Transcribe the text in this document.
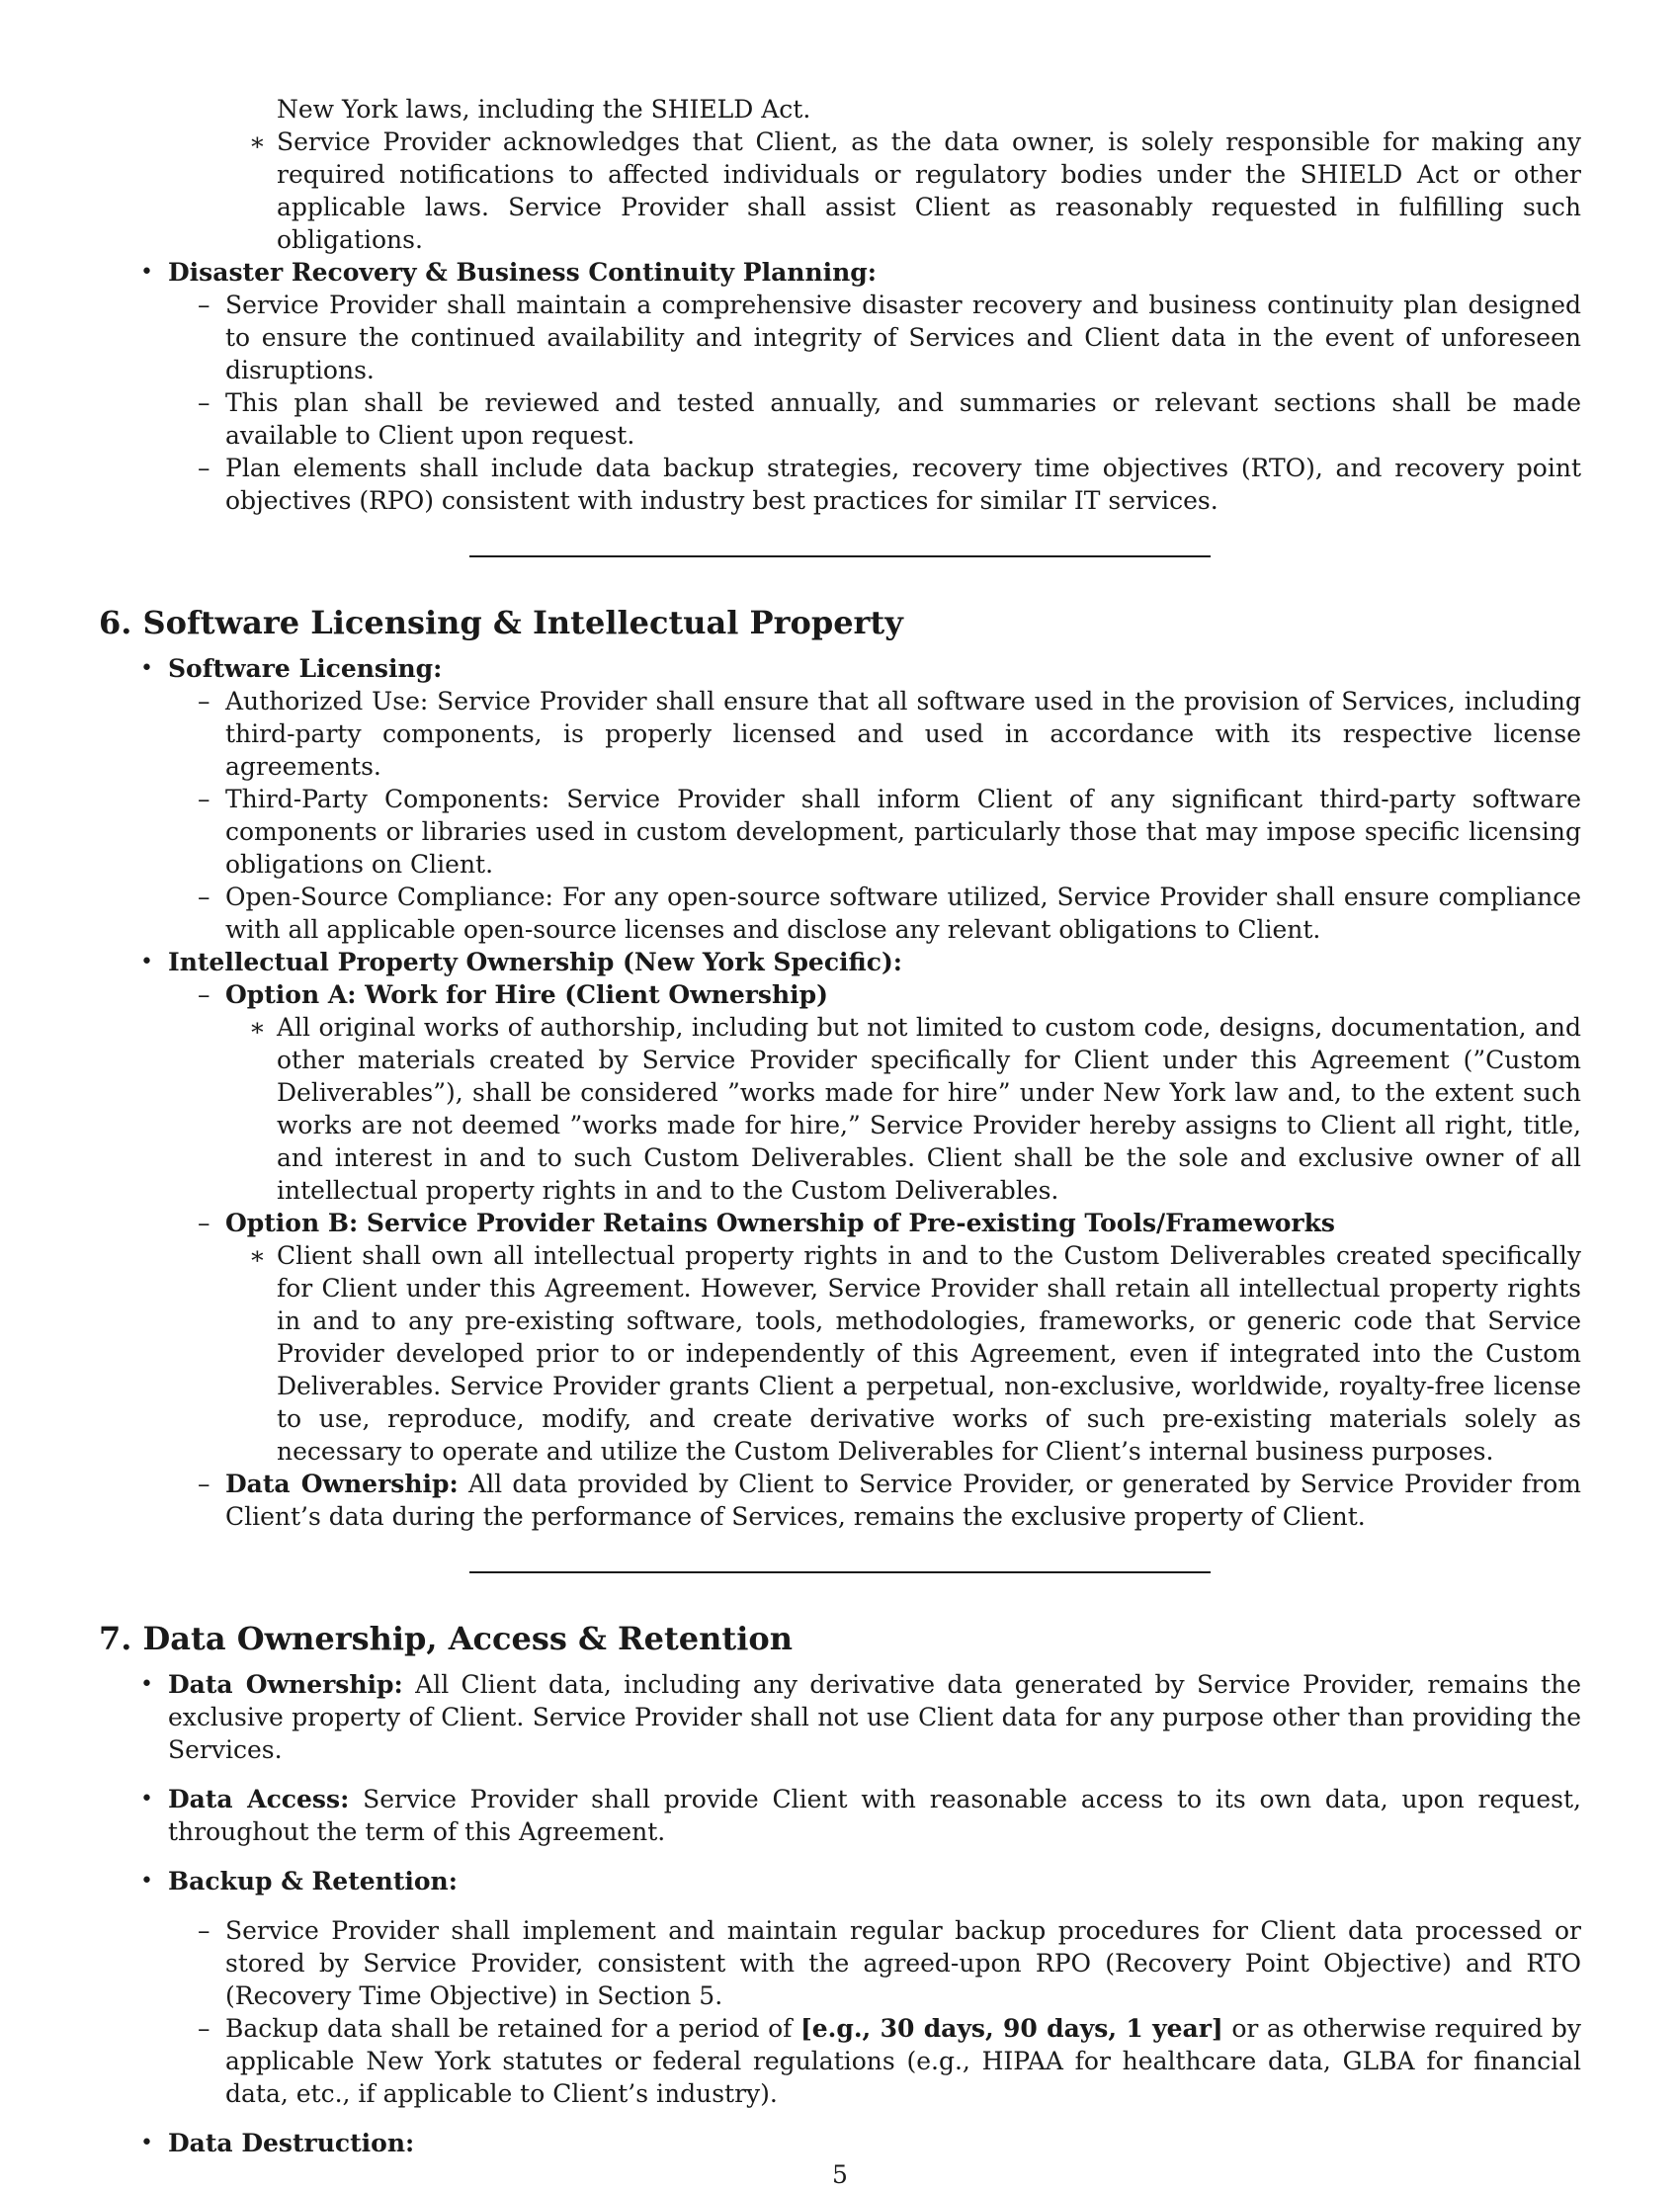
New York laws, including the SHIELD Act.
∗ Service Provider acknowledges that Client, as the data owner, is solely responsible for making any required notifications to affected individuals or regulatory bodies under the SHIELD Act or other applicable laws. Service Provider shall assist Client as reasonably requested in fulfilling such obligations.
• Disaster Recovery & Business Continuity Planning:
– Service Provider shall maintain a comprehensive disaster recovery and business continuity plan designed to ensure the continued availability and integrity of Services and Client data in the event of unforeseen disruptions.
– This plan shall be reviewed and tested annually, and summaries or relevant sections shall be made available to Client upon request.
– Plan elements shall include data backup strategies, recovery time objectives (RTO), and recovery point objectives (RPO) consistent with industry best practices for similar IT services.
6. Software Licensing & Intellectual Property
• Software Licensing:
– Authorized Use: Service Provider shall ensure that all software used in the provision of Services, including third-party components, is properly licensed and used in accordance with its respective license agreements.
– Third-Party Components: Service Provider shall inform Client of any significant third-party software components or libraries used in custom development, particularly those that may impose specific licensing obligations on Client.
– Open-Source Compliance: For any open-source software utilized, Service Provider shall ensure compliance with all applicable open-source licenses and disclose any relevant obligations to Client.
• Intellectual Property Ownership (New York Specific):
– Option A: Work for Hire (Client Ownership)
∗ All original works of authorship, including but not limited to custom code, designs, documentation, and other materials created by Service Provider specifically for Client under this Agreement (”Custom Deliverables”), shall be considered ”works made for hire” under New York law and, to the extent such works are not deemed ”works made for hire,” Service Provider hereby assigns to Client all right, title, and interest in and to such Custom Deliverables. Client shall be the sole and exclusive owner of all intellectual property rights in and to the Custom Deliverables.
– Option B: Service Provider Retains Ownership of Pre-existing Tools/Frameworks
∗ Client shall own all intellectual property rights in and to the Custom Deliverables created specifically for Client under this Agreement. However, Service Provider shall retain all intellectual property rights in and to any pre-existing software, tools, methodologies, frameworks, or generic code that Service Provider developed prior to or independently of this Agreement, even if integrated into the Custom Deliverables. Service Provider grants Client a perpetual, non-exclusive, worldwide, royalty-free license to use, reproduce, modify, and create derivative works of such pre-existing materials solely as necessary to operate and utilize the Custom Deliverables for Client’s internal business purposes.
– Data Ownership: All data provided by Client to Service Provider, or generated by Service Provider from Client’s data during the performance of Services, remains the exclusive property of Client.
7. Data Ownership, Access & Retention
• Data Ownership: All Client data, including any derivative data generated by Service Provider, remains the exclusive property of Client. Service Provider shall not use Client data for any purpose other than providing the Services.
• Data Access: Service Provider shall provide Client with reasonable access to its own data, upon request, throughout the term of this Agreement.
• Backup & Retention:
– Service Provider shall implement and maintain regular backup procedures for Client data processed or stored by Service Provider, consistent with the agreed-upon RPO (Recovery Point Objective) and RTO (Recovery Time Objective) in Section 5.
– Backup data shall be retained for a period of [e.g., 30 days, 90 days, 1 year] or as otherwise required by applicable New York statutes or federal regulations (e.g., HIPAA for healthcare data, GLBA for financial data, etc., if applicable to Client’s industry).
• Data Destruction:
5
